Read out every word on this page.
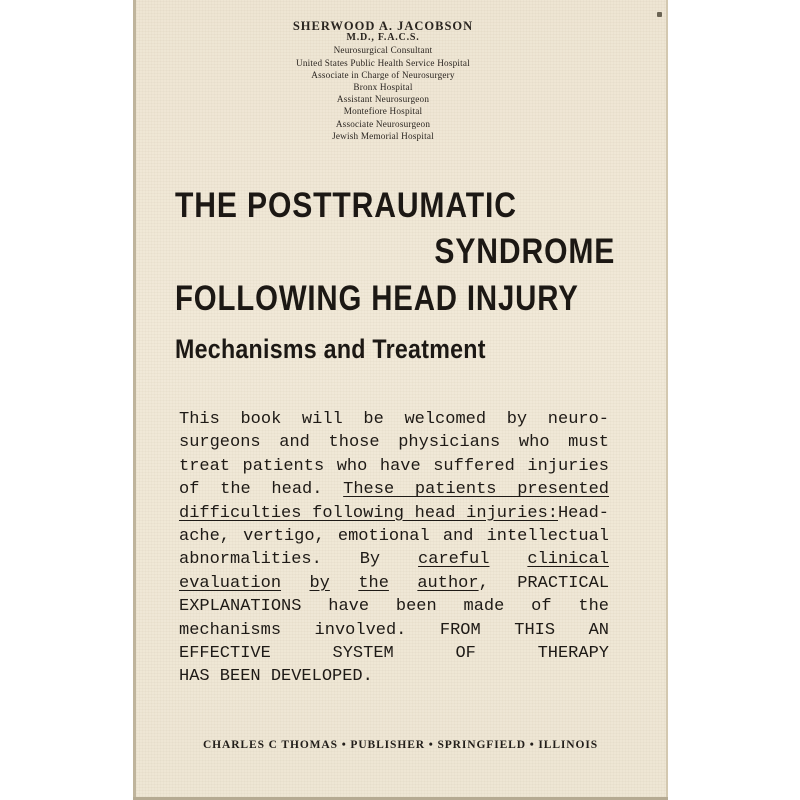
SHERWOOD A. JACOBSON
M.D., F.A.C.S.
Neurosurgical Consultant
United States Public Health Service Hospital
Associate in Charge of Neurosurgery
Bronx Hospital
Assistant Neurosurgeon
Montefiore Hospital
Associate Neurosurgeon
Jewish Memorial Hospital
THE POSTTRAUMATIC
SYNDROME
FOLLOWING HEAD INJURY
Mechanisms and Treatment
This book will be welcomed by neuro-
surgeons and those physicians who must
treat patients who have suffered injuries
of the head. These patients presented
difficulties following head injuries:Head-
ache, vertigo, emotional and intellectual
abnormalities. By careful clinical
evaluation by the author, PRACTICAL
EXPLANATIONS have been made of the
mechanisms involved. FROM THIS AN
EFFECTIVE SYSTEM OF THERAPY
HAS BEEN DEVELOPED.
CHARLES C THOMAS • PUBLISHER • SPRINGFIELD • ILLINOIS
